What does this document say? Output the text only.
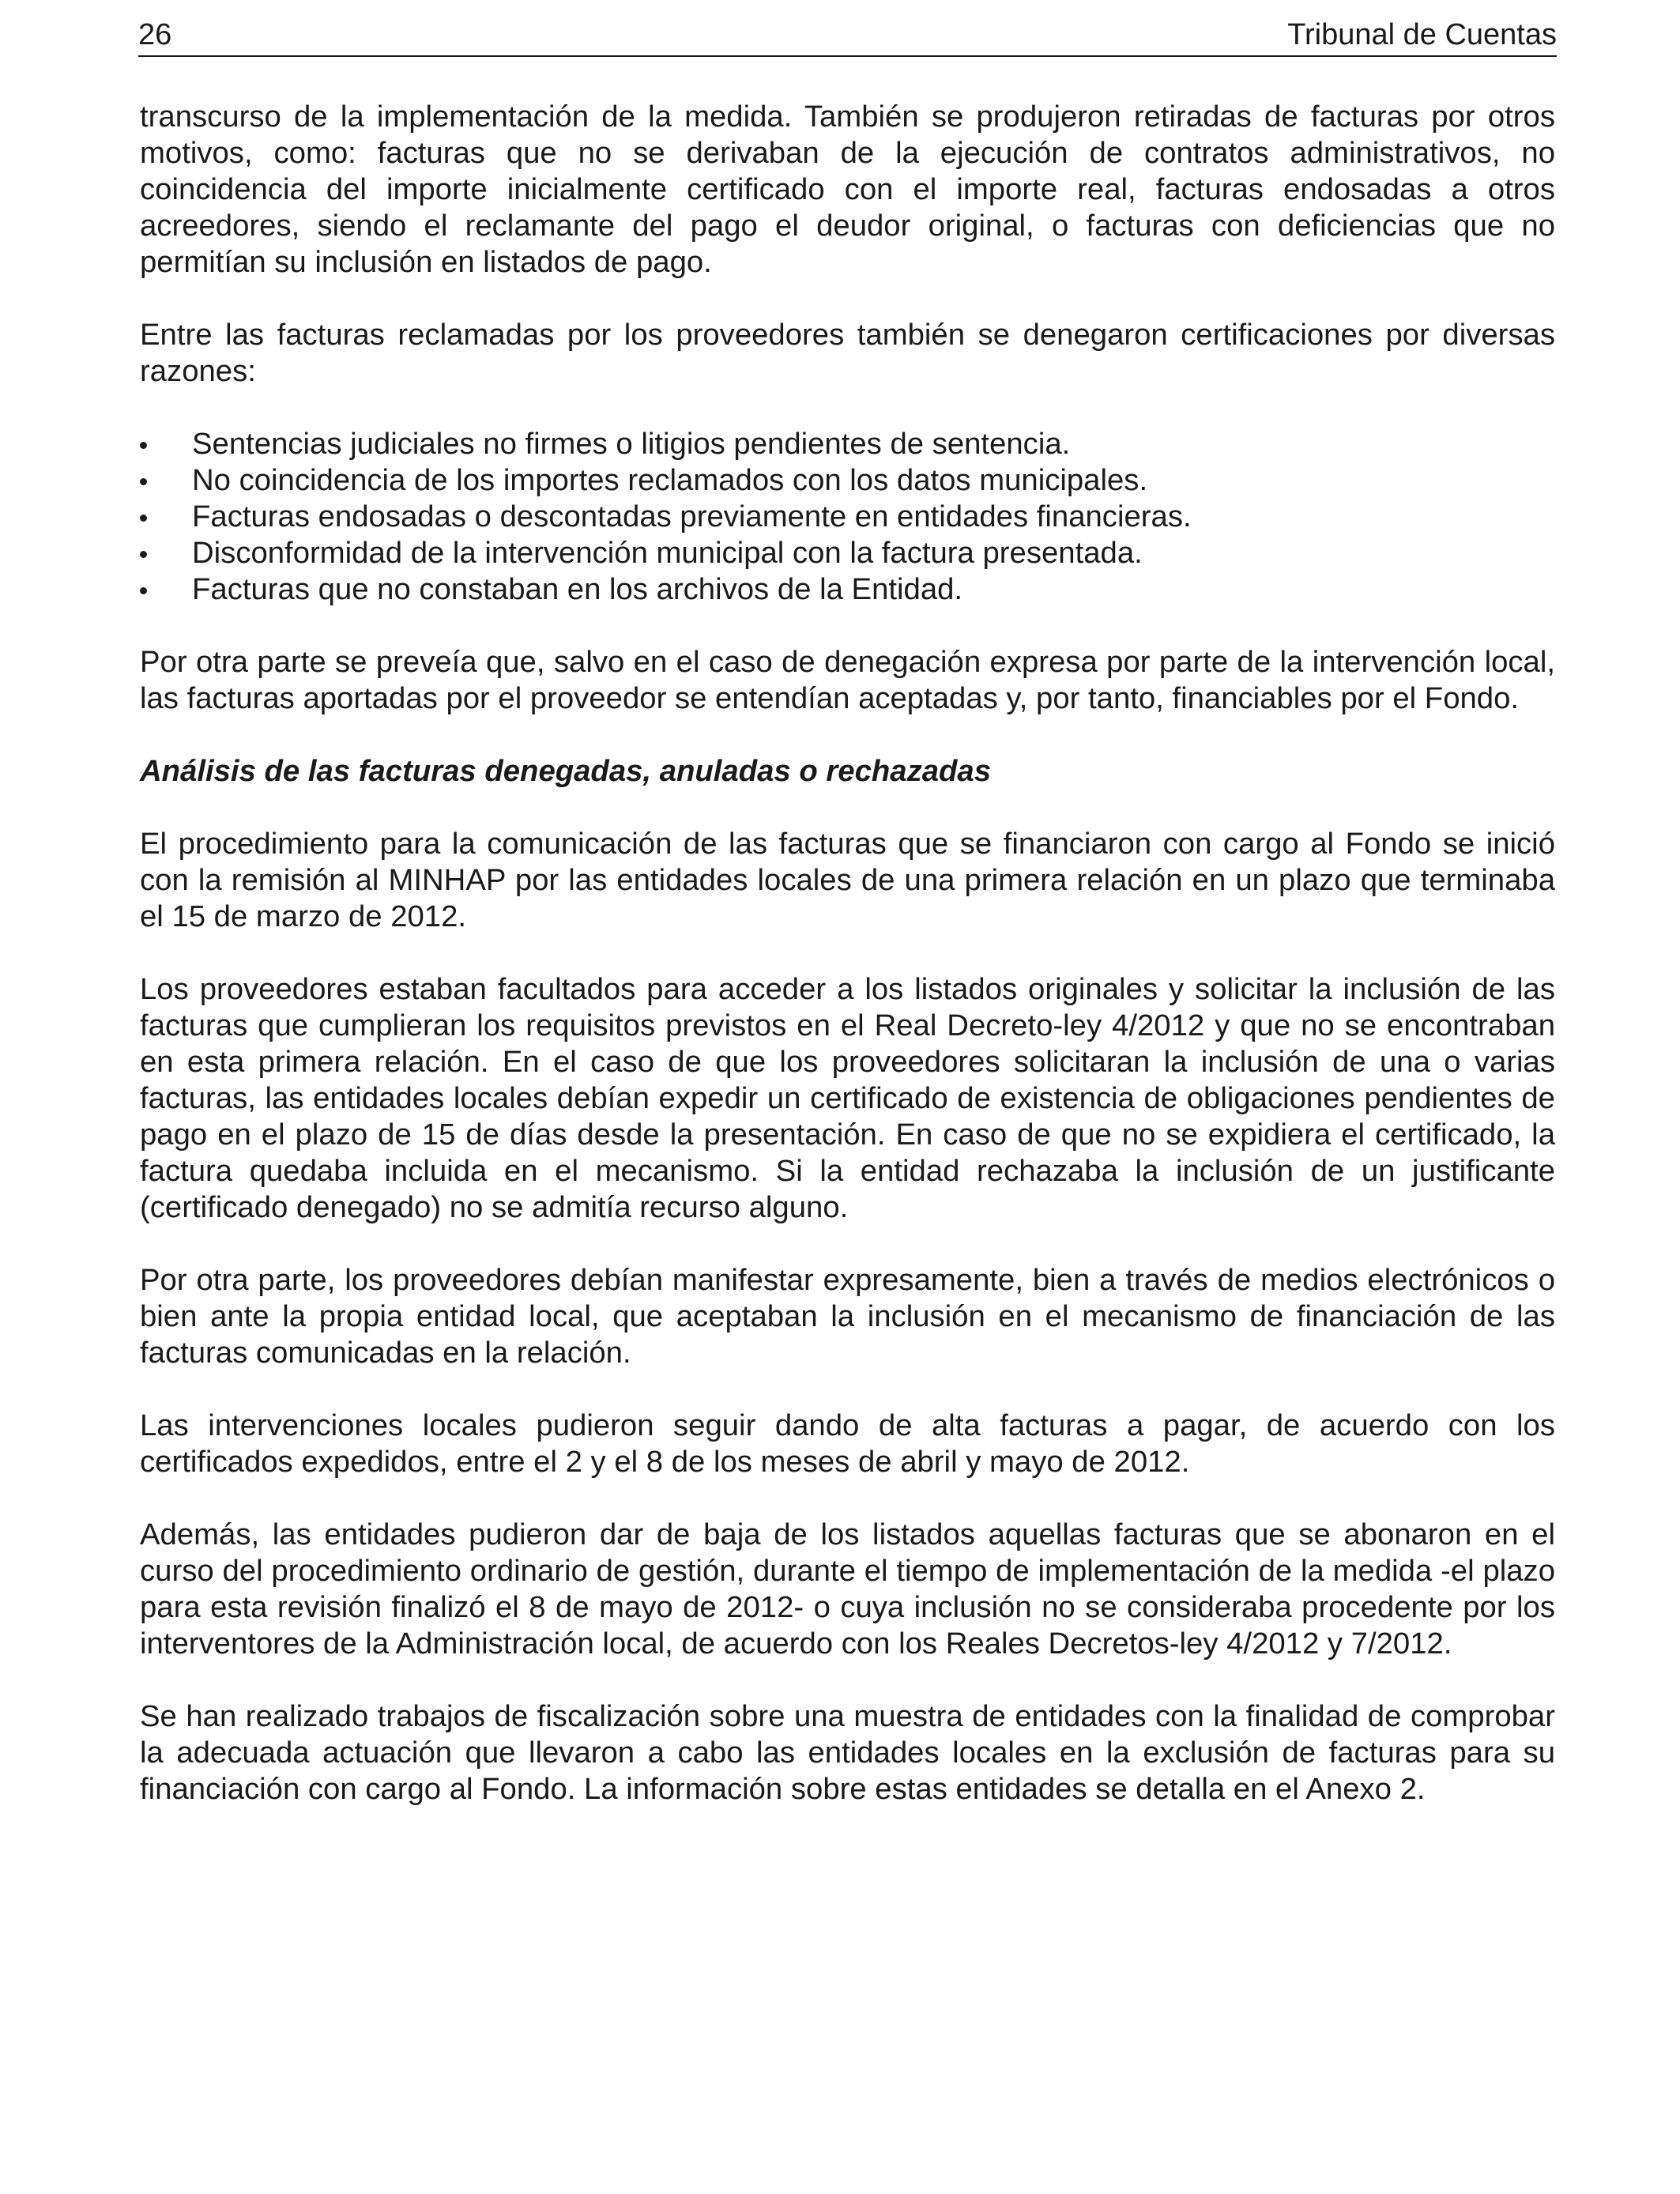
26	Tribunal de Cuentas

transcurso de la implementación de la medida. También se produjeron retiradas de facturas por otros motivos, como: facturas que no se derivaban de la ejecución de contratos administrativos, no coincidencia del importe inicialmente certificado con el importe real, facturas endosadas a otros acreedores, siendo el reclamante del pago el deudor original, o facturas con deficiencias que no permitían su inclusión en listados de pago.

Entre las facturas reclamadas por los proveedores también se denegaron certificaciones por diversas razones:

Sentencias judiciales no firmes o litigios pendientes de sentencia.
No coincidencia de los importes reclamados con los datos municipales.
Facturas endosadas o descontadas previamente en entidades financieras.
Disconformidad de la intervención municipal con la factura presentada.
Facturas que no constaban en los archivos de la Entidad.

Por otra parte se preveía que, salvo en el caso de denegación expresa por parte de la intervención local, las facturas aportadas por el proveedor se entendían aceptadas y, por tanto, financiables por el Fondo.

Análisis de las facturas denegadas, anuladas o rechazadas

El procedimiento para la comunicación de las facturas que se financiaron con cargo al Fondo se inició con la remisión al MINHAP por las entidades locales de una primera relación en un plazo que terminaba el 15 de marzo de 2012.

Los proveedores estaban facultados para acceder a los listados originales y solicitar la inclusión de las facturas que cumplieran los requisitos previstos en el Real Decreto-ley 4/2012 y que no se encontraban en esta primera relación. En el caso de que los proveedores solicitaran la inclusión de una o varias facturas, las entidades locales debían expedir un certificado de existencia de obligaciones pendientes de pago en el plazo de 15 de días desde la presentación. En caso de que no se expidiera el certificado, la factura quedaba incluida en el mecanismo. Si la entidad rechazaba la inclusión de un justificante (certificado denegado) no se admitía recurso alguno.

Por otra parte, los proveedores debían manifestar expresamente, bien a través de medios electrónicos o bien ante la propia entidad local, que aceptaban la inclusión en el mecanismo de financiación de las facturas comunicadas en la relación.

Las intervenciones locales pudieron seguir dando de alta facturas a pagar, de acuerdo con los certificados expedidos, entre el 2 y el 8 de los meses de abril y mayo de 2012.

Además, las entidades pudieron dar de baja de los listados aquellas facturas que se abonaron en el curso del procedimiento ordinario de gestión, durante el tiempo de implementación de la medida -el plazo para esta revisión finalizó el 8 de mayo de 2012- o cuya inclusión no se consideraba procedente por los interventores de la Administración local, de acuerdo con los Reales Decretos-ley 4/2012 y 7/2012.

Se han realizado trabajos de fiscalización sobre una muestra de entidades con la finalidad de comprobar la adecuada actuación que llevaron a cabo las entidades locales en la exclusión de facturas para su financiación con cargo al Fondo. La información sobre estas entidades se detalla en el Anexo 2.
